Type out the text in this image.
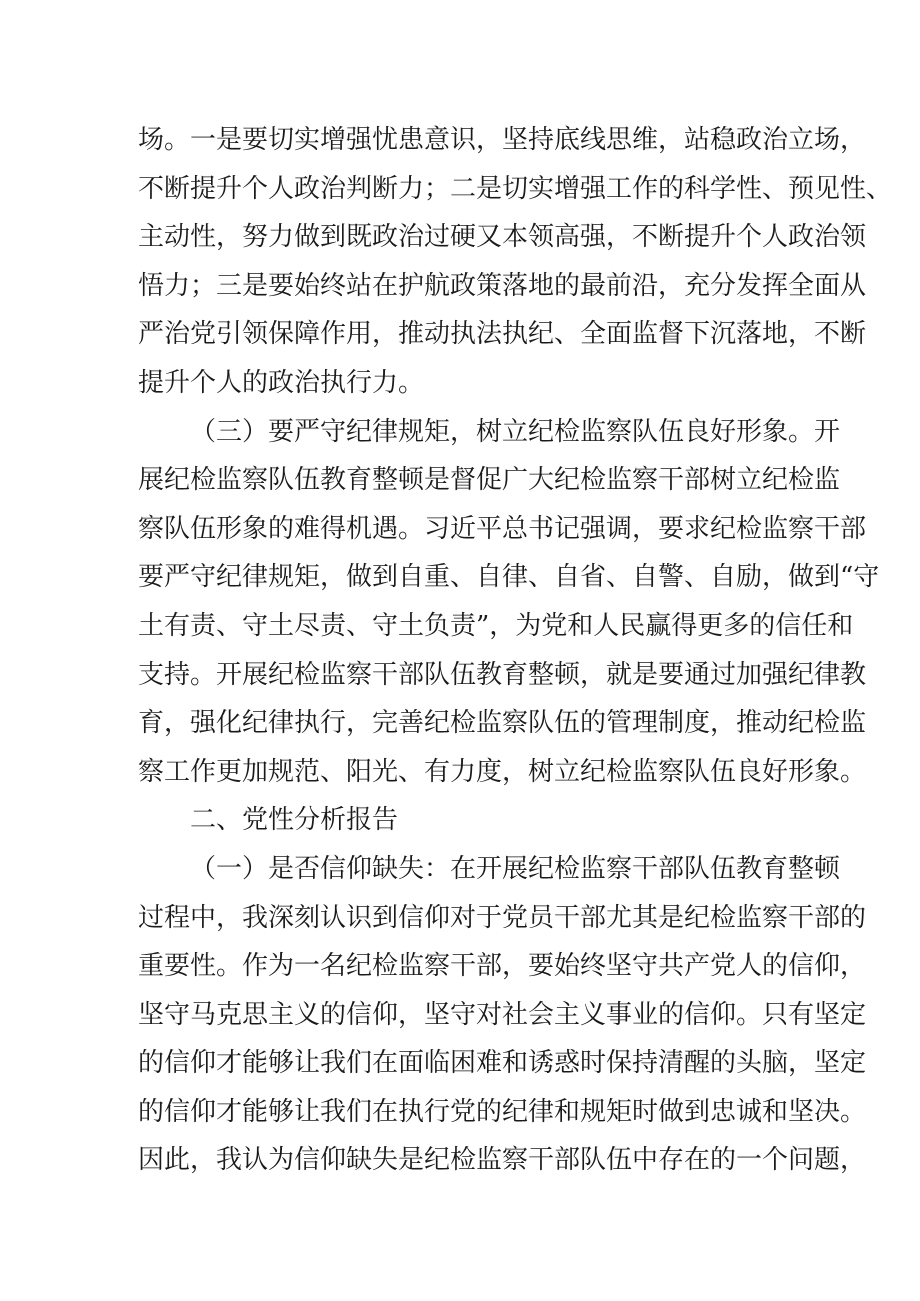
场。一是要切实增强忧患意识，坚持底线思维，站稳政治立场，
不断提升个人政治判断力；二是切实增强工作的科学性、预见性、
主动性，努力做到既政治过硬又本领高强，不断提升个人政治领
悟力；三是要始终站在护航政策落地的最前沿，充分发挥全面从
严治党引领保障作用，推动执法执纪、全面监督下沉落地，不断
提升个人的政治执行力。
（三）要严守纪律规矩，树立纪检监察队伍良好形象。开
展纪检监察队伍教育整顿是督促广大纪检监察干部树立纪检监
察队伍形象的难得机遇。习近平总书记强调，要求纪检监察干部
要严守纪律规矩，做到自重、自律、自省、自警、自励，做到“守
土有责、守土尽责、守土负责”，为党和人民赢得更多的信任和
支持。开展纪检监察干部队伍教育整顿，就是要通过加强纪律教
育，强化纪律执行，完善纪检监察队伍的管理制度，推动纪检监
察工作更加规范、阳光、有力度，树立纪检监察队伍良好形象。
二、党性分析报告
（一）是否信仰缺失：在开展纪检监察干部队伍教育整顿
过程中，我深刻认识到信仰对于党员干部尤其是纪检监察干部的
重要性。作为一名纪检监察干部，要始终坚守共产党人的信仰，
坚守马克思主义的信仰，坚守对社会主义事业的信仰。只有坚定
的信仰才能够让我们在面临困难和诱惑时保持清醒的头脑，坚定
的信仰才能够让我们在执行党的纪律和规矩时做到忠诚和坚决。
因此，我认为信仰缺失是纪检监察干部队伍中存在的一个问题，
